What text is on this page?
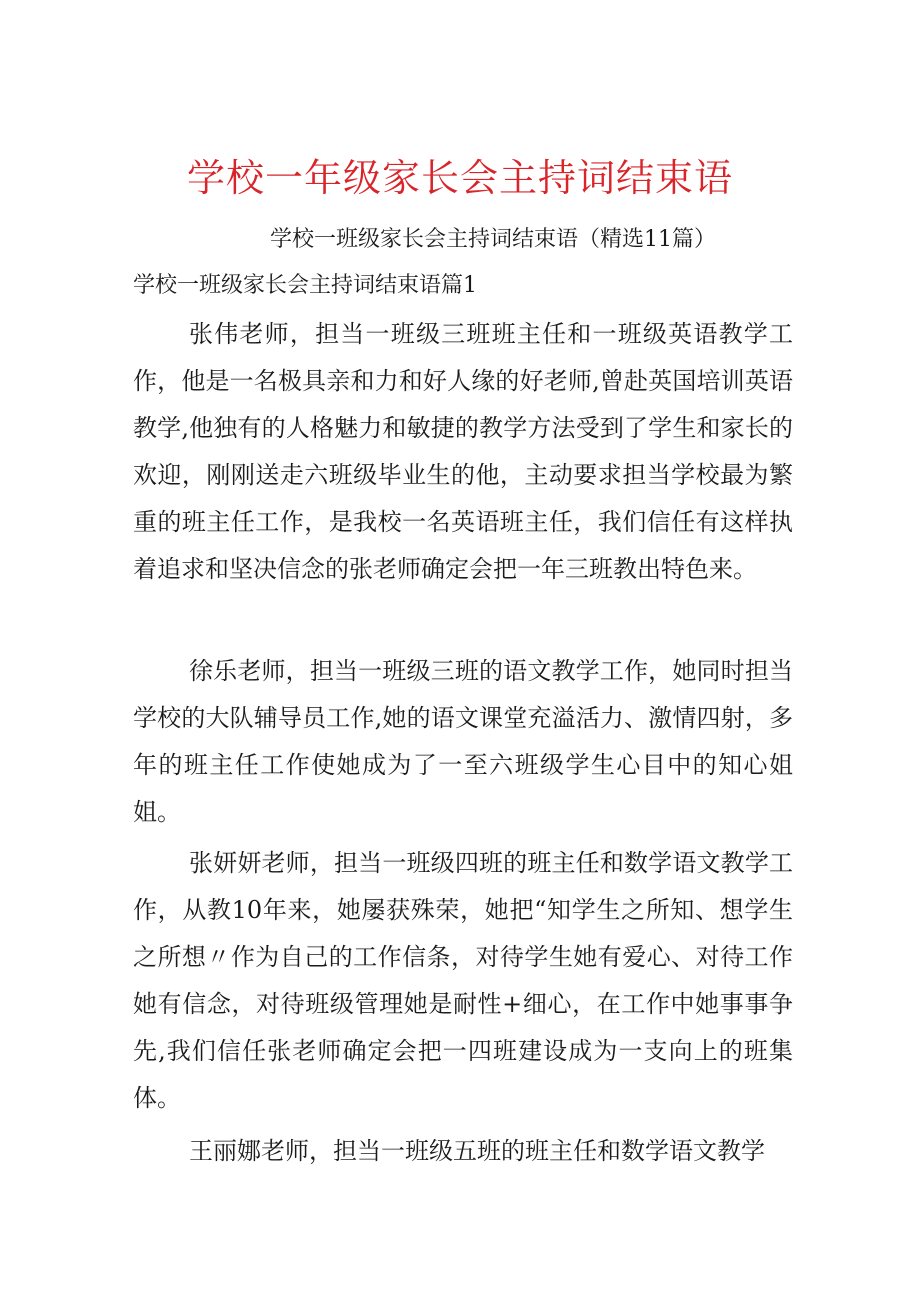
学校一年级家长会主持词结束语

学校一班级家长会主持词结束语（精选11篇）

学校一班级家长会主持词结束语篇1

张伟老师，担当一班级三班班主任和一班级英语教学工作，他是一名极具亲和力和好人缘的好老师,曾赴英国培训英语教学,他独有的人格魅力和敏捷的教学方法受到了学生和家长的欢迎，刚刚送走六班级毕业生的他，主动要求担当学校最为繁重的班主任工作，是我校一名英语班主任，我们信任有这样执着追求和坚决信念的张老师确定会把一年三班教出特色来。

徐乐老师，担当一班级三班的语文教学工作，她同时担当学校的大队辅导员工作,她的语文课堂充溢活力、激情四射，多年的班主任工作使她成为了一至六班级学生心目中的知心姐姐。

张妍妍老师，担当一班级四班的班主任和数学语文教学工作，从教10年来，她屡获殊荣，她把“知学生之所知、想学生之所想〃作为自己的工作信条，对待学生她有爱心、对待工作她有信念，对待班级管理她是耐性+细心，在工作中她事事争先,我们信任张老师确定会把一四班建设成为一支向上的班集体。

王丽娜老师，担当一班级五班的班主任和数学语文教学
